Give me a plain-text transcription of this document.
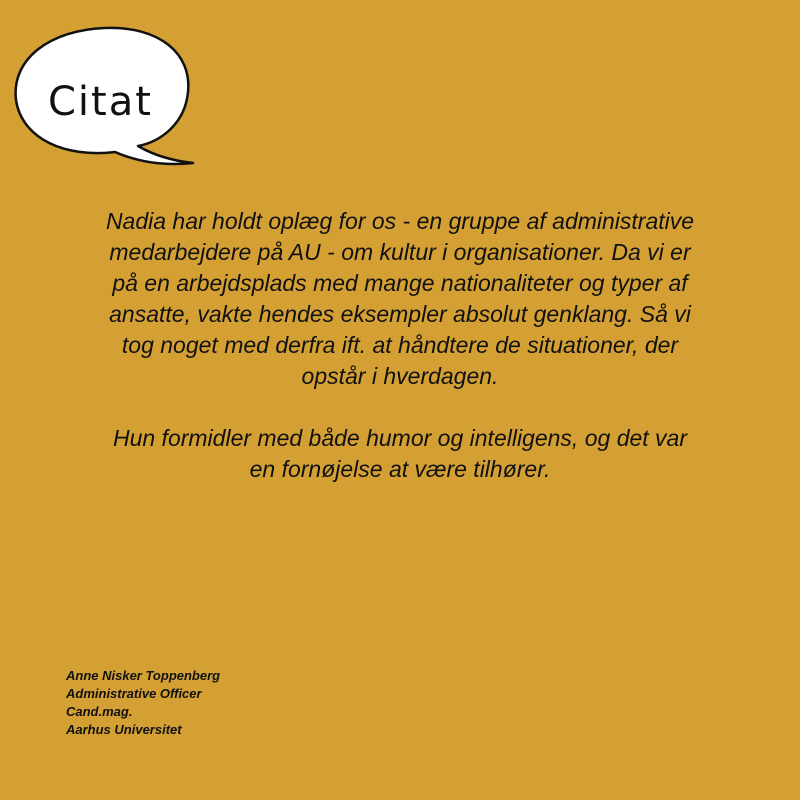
Citat

Nadia har holdt oplæg for os - en gruppe af administrative medarbejdere på AU - om kultur i organisationer. Da vi er på en arbejdsplads med mange nationaliteter og typer af ansatte, vakte hendes eksempler absolut genklang. Så vi tog noget med derfra ift. at håndtere de situationer, der opstår i hverdagen.

Hun formidler med både humor og intelligens, og det var en fornøjelse at være tilhører.

Anne Nisker Toppenberg
Administrative Officer
Cand.mag.
Aarhus Universitet
